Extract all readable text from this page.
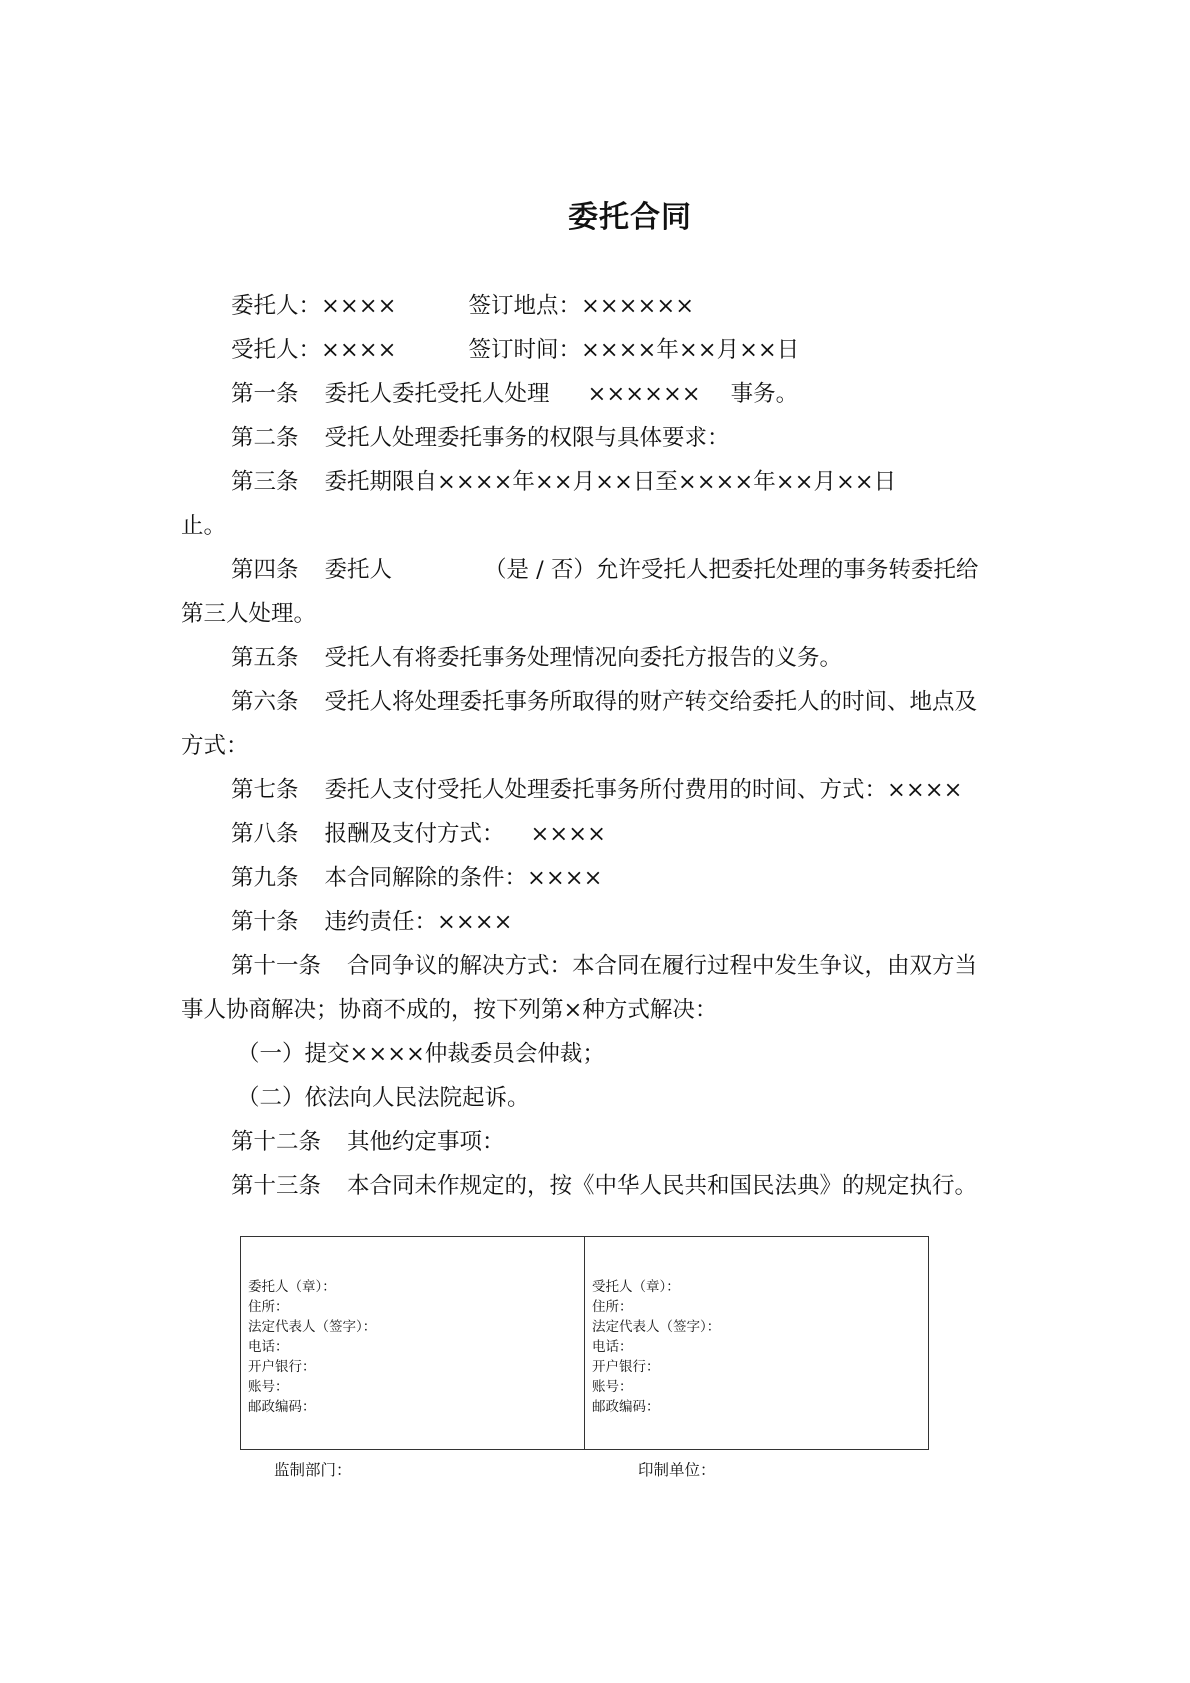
委托合同
委托人：××××	签订地点：××××××
受托人：××××	签订时间：××××年××月××日
第一条 委托人委托受托人处理 ×××××× 事务。
第二条 受托人处理委托事务的权限与具体要求：
第三条 委托期限自××××年××月××日至××××年××月××日
止。
第四条 委托人	（是 / 否）允许受托人把委托处理的事务转委托给
第三人处理。
第五条 受托人有将委托事务处理情况向委托方报告的义务。
第六条 受托人将处理委托事务所取得的财产转交给委托人的时间、地点及
方式：
第七条 委托人支付受托人处理委托事务所付费用的时间、方式：××××
第八条 报酬及支付方式： ××××
第九条 本合同解除的条件：××××
第十条 违约责任：××××
第十一条 合同争议的解决方式：本合同在履行过程中发生争议，由双方当
事人协商解决；协商不成的，按下列第×种方式解决：
（一）提交××××仲裁委员会仲裁；
（二）依法向人民法院起诉。
第十二条 其他约定事项：
第十三条 本合同未作规定的，按《中华人民共和国民法典》的规定执行。
委托人（章）：
住所：
法定代表人（签字）：
电话：
开户银行：
账号：
邮政编码：
受托人（章）：
住所：
法定代表人（签字）：
电话：
开户银行：
账号：
邮政编码：
监制部门：	印制单位：
